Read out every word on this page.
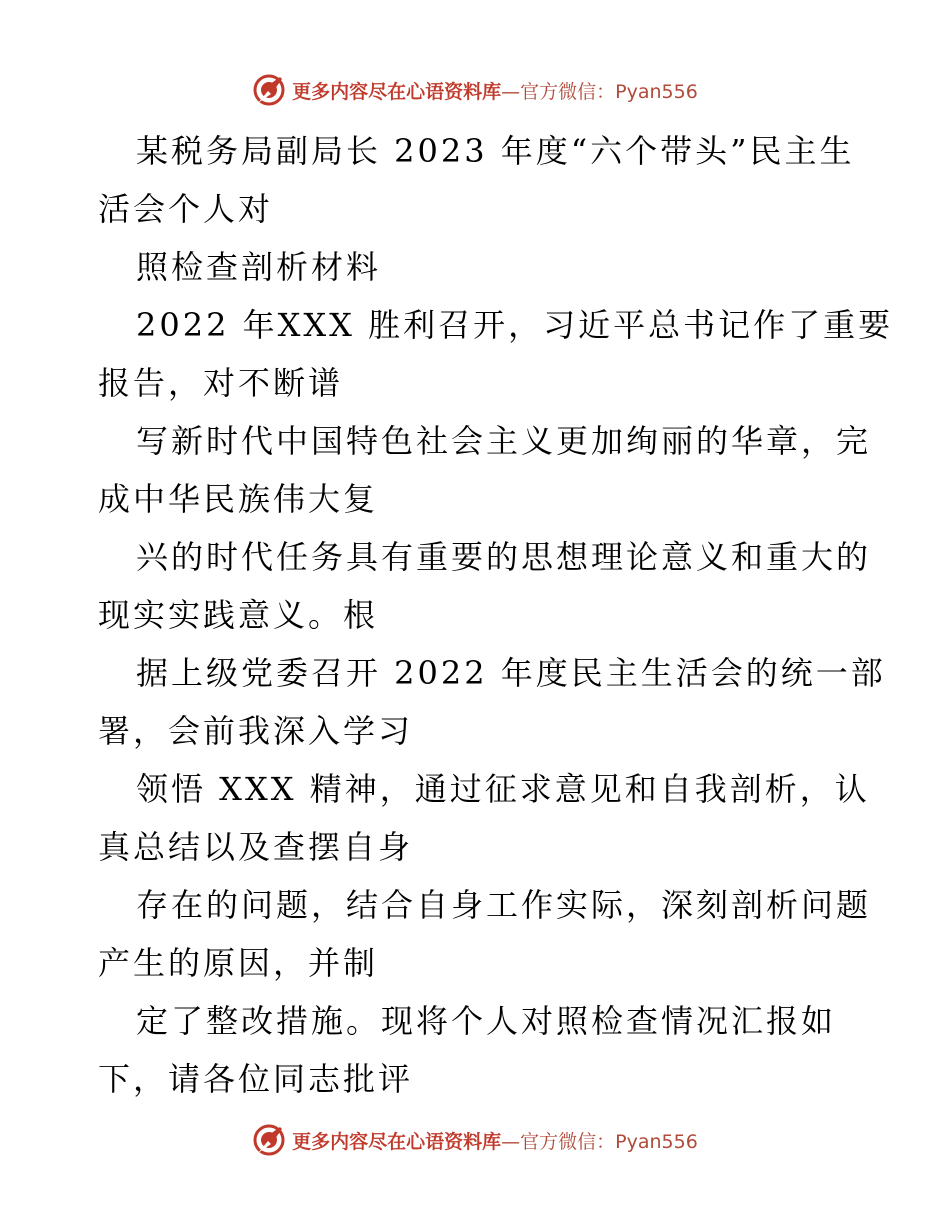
更多内容尽在心语资料库—官方微信：Pyan556
某税务局副局长 2023 年度“六个带头”民主生
活会个人对
照检查剖析材料
2022 年XXX 胜利召开，习近平总书记作了重要
报告，对不断谱
写新时代中国特色社会主义更加绚丽的华章，完
成中华民族伟大复
兴的时代任务具有重要的思想理论意义和重大的
现实实践意义。根
据上级党委召开 2022 年度民主生活会的统一部
署，会前我深入学习
领悟 XXX 精神，通过征求意见和自我剖析，认
真总结以及查摆自身
存在的问题，结合自身工作实际，深刻剖析问题
产生的原因，并制
定了整改措施。现将个人对照检查情况汇报如
下，请各位同志批评
更多内容尽在心语资料库—官方微信：Pyan556
